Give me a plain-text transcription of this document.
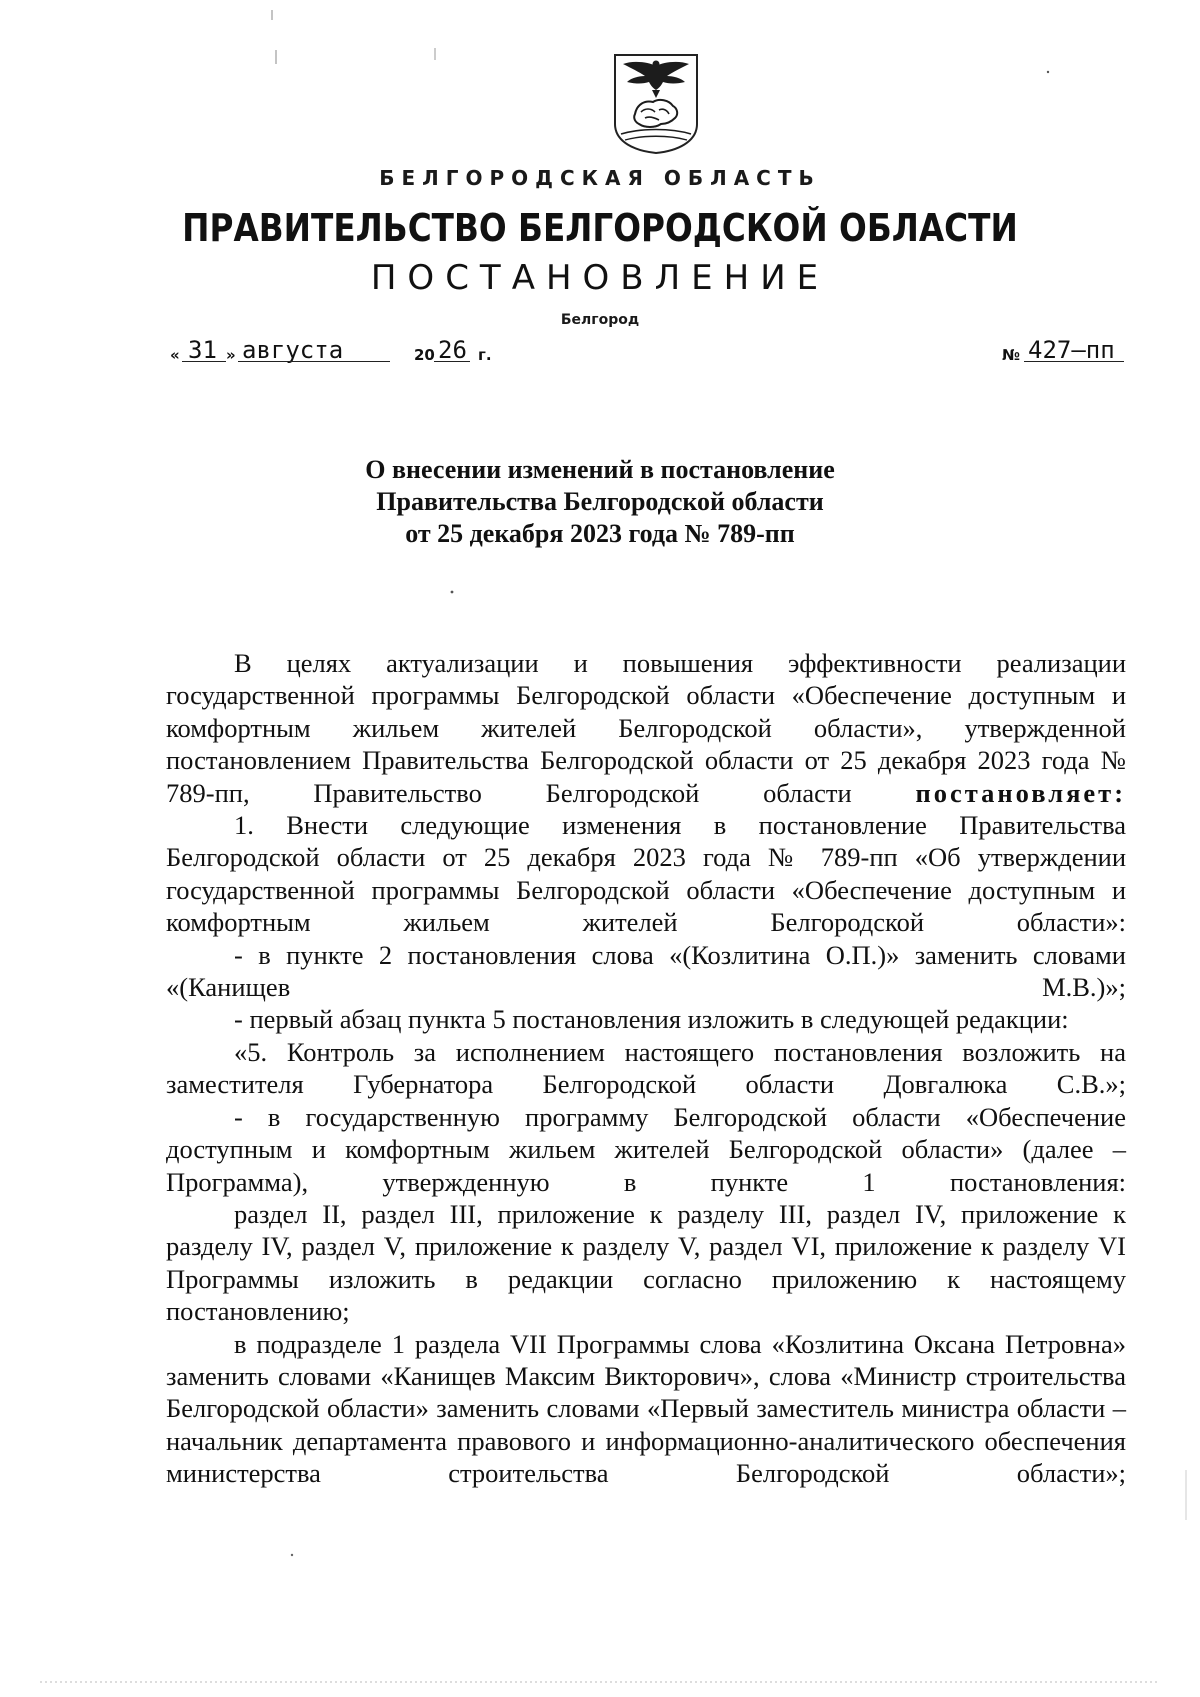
БЕЛГОРОДСКАЯ ОБЛАСТЬ
ПРАВИТЕЛЬСТВО БЕЛГОРОДСКОЙ ОБЛАСТИ
ПОСТАНОВЛЕНИЕ
Белгород
« 31 » августа	20 26 г.	№ 427–пп
О внесении изменений в постановление
Правительства Белгородской области
от 25 декабря 2023 года № 789-пп

В целях актуализации и повышения эффективности реализации государственной программы Белгородской области «Обеспечение доступным и комфортным жильем жителей Белгородской области», утвержденной постановлением Правительства Белгородской области от 25 декабря 2023 года № 789-пп, Правительство Белгородской области постановляет:

1. Внести следующие изменения в постановление Правительства Белгородской области от 25 декабря 2023 года № 789-пп «Об утверждении государственной программы Белгородской области «Обеспечение доступным и комфортным жильем жителей Белгородской области»:

- в пункте 2 постановления слова «(Козлитина О.П.)» заменить словами «(Канищев М.В.)»;

- первый абзац пункта 5 постановления изложить в следующей редакции:

«5. Контроль за исполнением настоящего постановления возложить на заместителя Губернатора Белгородской области Довгалюка С.В.»;

- в государственную программу Белгородской области «Обеспечение доступным и комфортным жильем жителей Белгородской области» (далее – Программа), утвержденную в пункте 1 постановления:

раздел II, раздел III, приложение к разделу III, раздел IV, приложение к разделу IV, раздел V, приложение к разделу V, раздел VI, приложение к разделу VI Программы изложить в редакции согласно приложению к настоящему постановлению;

в подразделе 1 раздела VII Программы слова «Козлитина Оксана Петровна» заменить словами «Канищев Максим Викторович», слова «Министр строительства Белгородской области» заменить словами «Первый заместитель министра области – начальник департамента правового и информационно-аналитического обеспечения министерства строительства Белгородской области»;
